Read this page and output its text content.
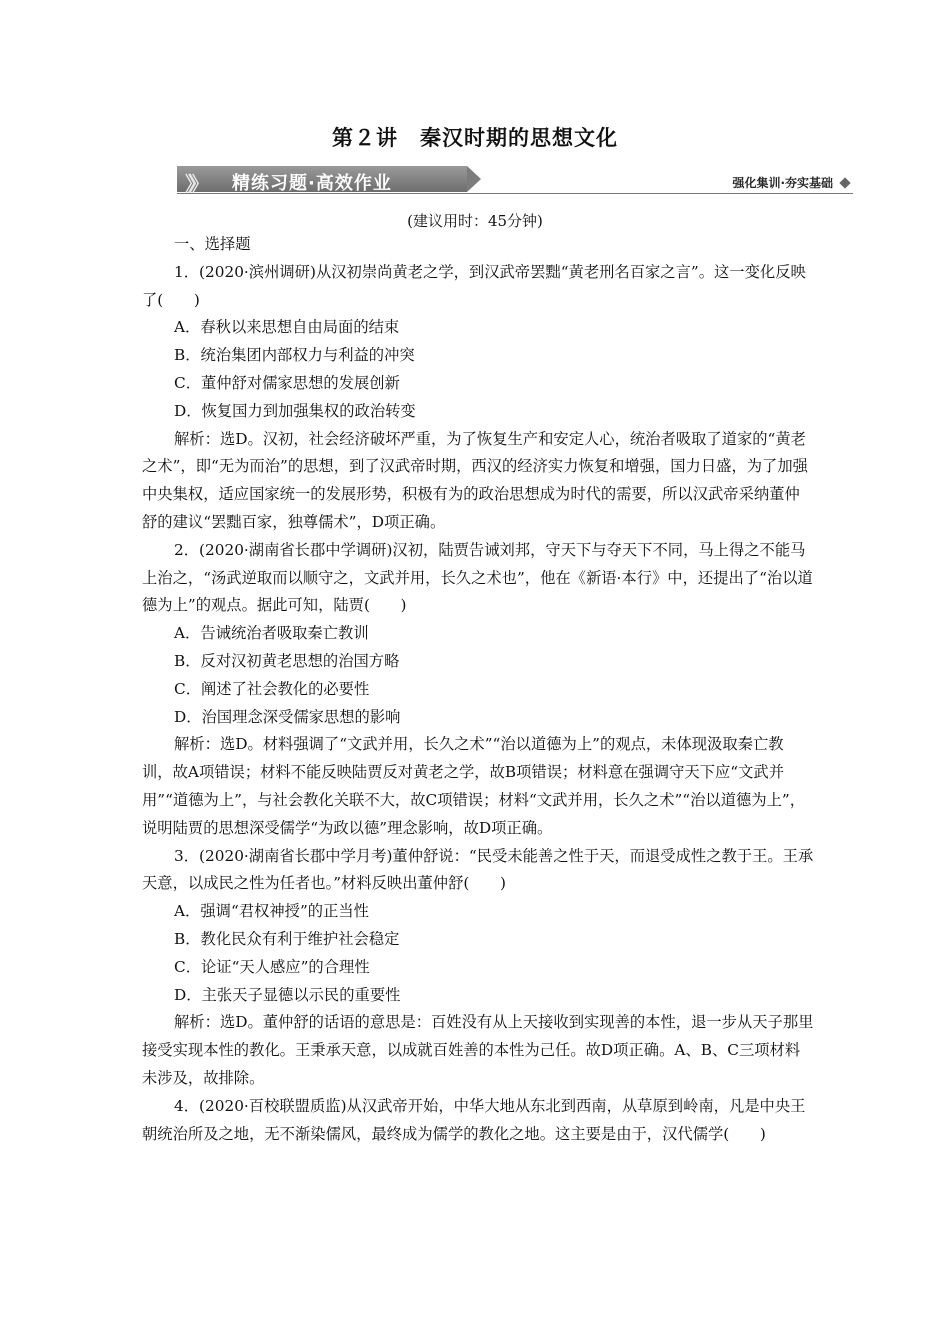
第２讲　秦汉时期的思想文化
》》 精练习题·高效作业	强化集训·夯实基础
(建议用时：45分钟)

一、选择题

1．(2020·滨州调研)从汉初崇尚黄老之学，到汉武帝罢黜“黄老刑名百家之言”。这一变化反映了(　　)

A．春秋以来思想自由局面的结束

B．统治集团内部权力与利益的冲突

C．董仲舒对儒家思想的发展创新

D．恢复国力到加强集权的政治转变

解析：选D。汉初，社会经济破坏严重，为了恢复生产和安定人心，统治者吸取了道家的“黄老之术”，即“无为而治”的思想，到了汉武帝时期，西汉的经济实力恢复和增强，国力日盛，为了加强中央集权，适应国家统一的发展形势，积极有为的政治思想成为时代的需要，所以汉武帝采纳董仲舒的建议“罢黜百家，独尊儒术”，D项正确。

2．(2020·湖南省长郡中学调研)汉初，陆贾告诫刘邦，守天下与夺天下不同，马上得之不能马上治之，“汤武逆取而以顺守之，文武并用，长久之术也”，他在《新语·本行》中，还提出了“治以道德为上”的观点。据此可知，陆贾(　　)

A．告诫统治者吸取秦亡教训

B．反对汉初黄老思想的治国方略

C．阐述了社会教化的必要性

D．治国理念深受儒家思想的影响

解析：选D。材料强调了“文武并用，长久之术”“治以道德为上”的观点，未体现汲取秦亡教训，故A项错误；材料不能反映陆贾反对黄老之学，故B项错误；材料意在强调守天下应“文武并用”“道德为上”，与社会教化关联不大，故C项错误；材料“文武并用，长久之术”“治以道德为上”，说明陆贾的思想深受儒学“为政以德”理念影响，故D项正确。

3．(2020·湖南省长郡中学月考)董仲舒说：“民受未能善之性于天，而退受成性之教于王。王承天意，以成民之性为任者也。”材料反映出董仲舒(　　)

A．强调“君权神授”的正当性

B．教化民众有利于维护社会稳定

C．论证“天人感应”的合理性

D．主张天子显德以示民的重要性

解析：选D。董仲舒的话语的意思是：百姓没有从上天接收到实现善的本性，退一步从天子那里接受实现本性的教化。王秉承天意，以成就百姓善的本性为己任。故D项正确。A、B、C三项材料未涉及，故排除。

4．(2020·百校联盟质监)从汉武帝开始，中华大地从东北到西南，从草原到岭南，凡是中央王朝统治所及之地，无不渐染儒风，最终成为儒学的教化之地。这主要是由于，汉代儒学(　　)
